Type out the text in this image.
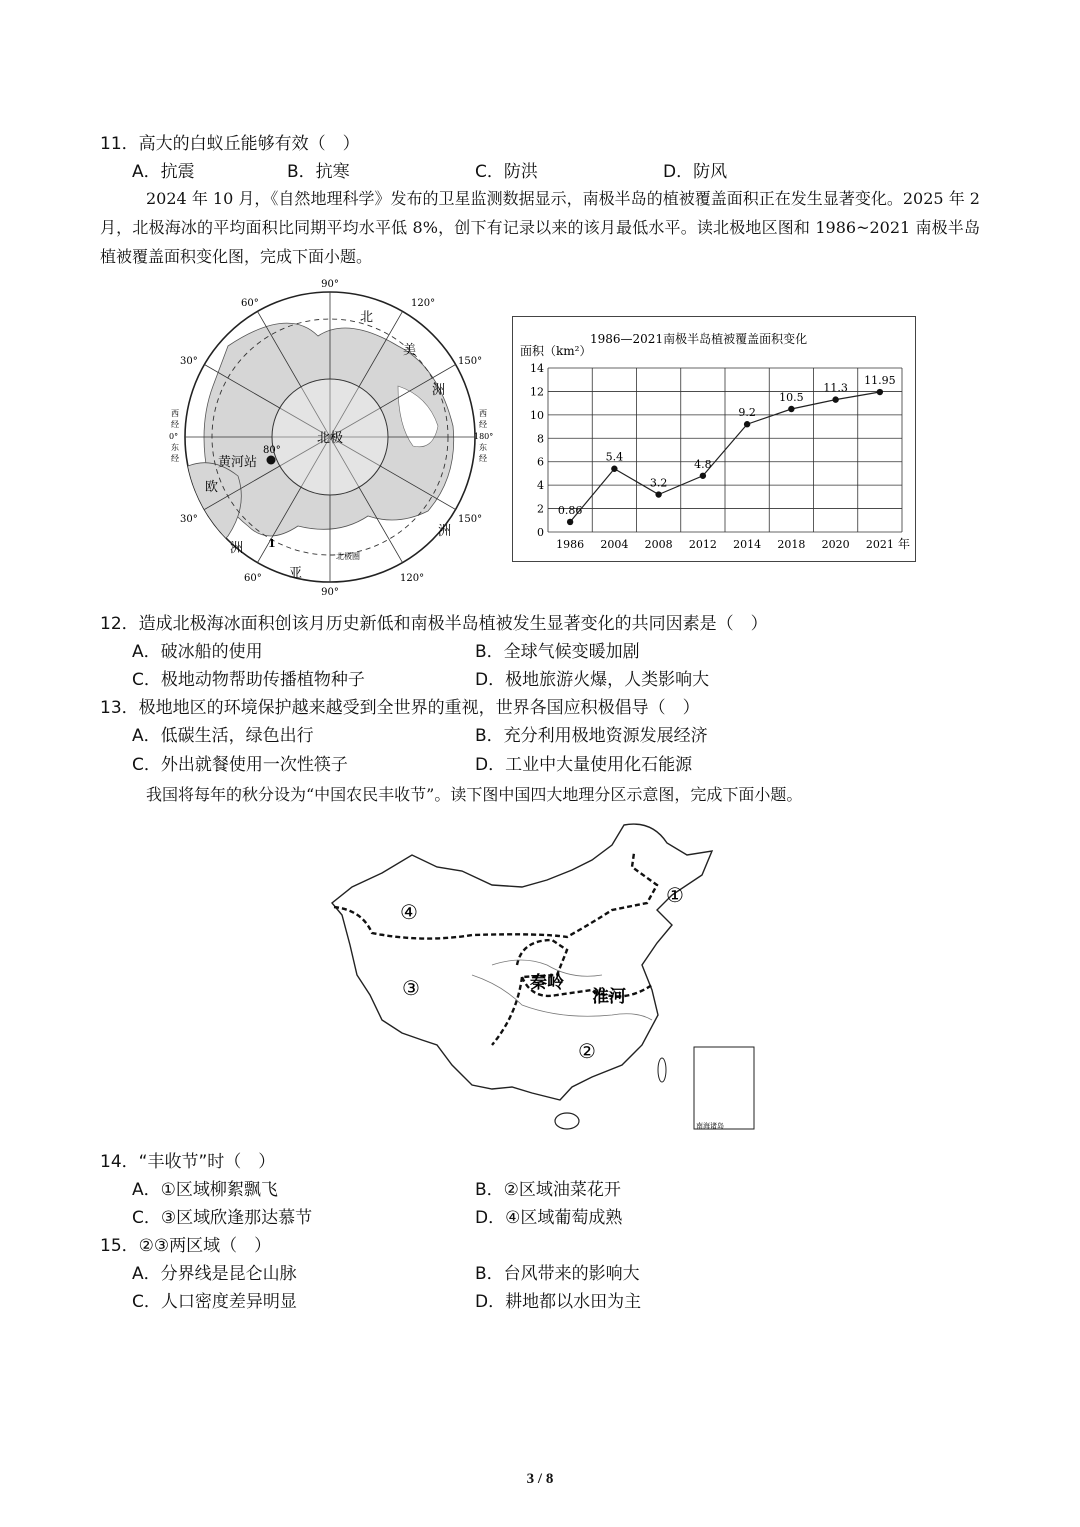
11．高大的白蚁丘能够有效（　）
A．抗震	B．抗寒	C．防洪	D．防风
2024 年 10 月，《自然地理科学》发布的卫星监测数据显示，南极半岛的植被覆盖面积正在发生显著变化。2025 年 2 月，北极海冰的平均面积比同期平均水平低 8%，创下有记录以来的该月最低水平。读北极地区图和 1986~2021 南极半岛植被覆盖面积变化图，完成下面小题。
北极
90°
120°
150°
150°
120°
90°
60°
30°
30°
60°
西
经
0°
东
经
西
经
180°
东
经
80°
黄河站
北
美
洲
欧
洲
亚
洲
北极圈
1
1986—2021南极半岛植被覆盖面积变化
面积（km²）
年
0
2
4
6
8
10
12
14
1986 2004 2008 2012 2014 2018 2020 2021
0.86
5.4
3.2
4.8
9.2
10.5
11.3
11.95
12．造成北极海冰面积创该月历史新低和南极半岛植被发生显著变化的共同因素是（　）
A．破冰船的使用	B．全球气候变暖加剧
C．极地动物帮助传播植物种子	D．极地旅游火爆，人类影响大
13．极地地区的环境保护越来越受到全世界的重视，世界各国应积极倡导（　）
A．低碳生活，绿色出行	B．充分利用极地资源发展经济
C．外出就餐使用一次性筷子	D．工业中大量使用化石能源
我国将每年的秋分设为“中国农民丰收节”。读下图中国四大地理分区示意图，完成下面小题。
南海诸岛
①
②
③
④
秦岭
淮河
14．“丰收节”时（　）
A．①区域柳絮飘飞	B．②区域油菜花开
C．③区域欣逢那达慕节	D．④区域葡萄成熟
15．②③两区域（　）
A．分界线是昆仑山脉	B．台风带来的影响大
C．人口密度差异明显	D．耕地都以水田为主
3 / 8
